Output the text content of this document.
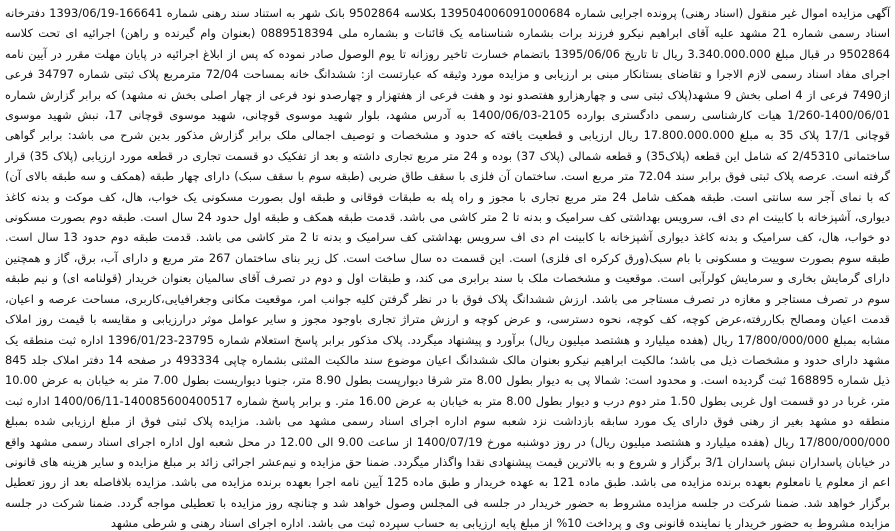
آگهی مزایده اموال غیر منقول (اسناد رهنی) پرونده اجرایی شماره 139504006091000684 بکلاسه 9502864 بانک شهر به استناد سند رهنی شماره 166641-1393/06/19 دفترخانه اسناد رسمی شماره 21 مشهد علیه آقای ابراهیم نیکرو فرزند برات بشماره شناسنامه یک قائنات و بشماره ملی 0889518394 (بعنوان وام گیرنده و راهن) اجرائیه ای تحت کلاسه 9502864 در قبال مبلغ 3.340.000.000 ریال تا تاریخ 1395/06/06 باتضمام خسارت تاخیر روزانه تا یوم الوصول صادر نموده که پس از ابلاغ اجرائیه در پایان مهلت مقرر در آیین نامه اجرای مفاد اسناد رسمی لازم الاجرا و تقاضای بستانکار مبنی بر ارزیابی و مزایده مورد وثیقه که عبارتست از: ششدانگ خانه بمساحت 72/04 مترمربع پلاک ثبتی شماره 34797 فرعی از7490 فرعی از 4 اصلی بخش 9 مشهد(پلاک ثبتی سی و چهارهزارو هفتصدو نود و هفت فرعی از هفتهزار و چهارصدو نود فرعی از چهار اصلی بخش نه مشهد) که برابر گزارش شماره 1400/06/01-1/260 هیات کارشناسی رسمی دادگستری بوارده 2105-1400/06/03 به آدرس مشهد، بلوار شهید موسوی قوچانی، شهید موسوی قوچانی 17، نبش شهید موسوی قوچانی 17/1 پلاک 35 به مبلغ 17.800.000.000 ریال ارزیابی و قطعیت یافته که حدود و مشخصات و توصیف اجمالی ملک برابر گزارش مذکور بدین شرح می باشد: برابر گواهی ساختمانی 2/45310 که شامل این قطعه (پلاک35) و قطعه شمالی (پلاک 37) بوده و 24 متر مربع تجاری داشته و بعد از تفکیک دو قسمت تجاری در قطعه مورد ارزیابی (پلاک 35) قرار گرفته است. عرصه پلاک ثبتی فوق برابر سند 72.04 متر مربع است. ساختمان آن فلزی با سقف طاق ضربی (طبقه سوم با سقف سبک) دارای چهار طبقه (همکف و سه طبقه بالای آن) که با نمای آجر سه سانتی است. طبقه همکف شامل 24 متر مربع تجاری با مجوز و راه پله به طبقات فوقانی و طبقه اول بصورت مسکونی یک خواب، هال، کف موکت و بدنه کاغذ دیواری، آشپزخانه با کابینت ام دی اف، سرویس بهداشتی کف سرامیک و بدنه تا 2 متر کاشی می باشد. قدمت طبقه همکف و طبقه اول حدود 24 سال است. طبقه دوم بصورت مسکونی دو خواب، هال، کف سرامیک و بدنه کاغذ دیواری آشپزخانه با کابینت ام دی اف سرویس بهداشتی کف سرامیک و بدنه تا 2 متر کاشی می باشد. قدمت طبقه دوم حدود 13 سال است. طبقه سوم بصورت سوییت و مسکونی با بام سبک(ورق کرکره ای فلزی) است. این قسمت ده سال ساخت است. کل زیر بنای ساختمان 267 متر مربع و دارای آب، برق، گاز و همچنین دارای گرمایش بخاری و سرمایش کولرآبی است. موقعیت و مشخصات ملک با سند برابری می کند، و طبقات اول و دوم در تصرف آقای سالمیان بعنوان خریدار (قولنامه ای) و نیم طبقه سوم در تصرف مستاجر و مغازه در تصرف مستاجر می باشد. ارزش ششدانگ پلاک فوق با در نظر گرفتن کلیه جوانب امر، موقعیت مکانی وجغرافیایی،کاربری، مساحت عرصه و اعیان، قدمت اعیان ومصالح بکاررفته،عرض کوچه، کف کوچه، نحوه دسترسی، و عرض کوچه و ارزش متراژ تجاری باوجود مجوز و سایر عوامل موثر درارزیابی و مقایسه با قیمت روز املاک مشابه بمبلغ 17/800/000/000 ریال (هفده میلیارد و هشتصد میلیون ریال) برآورد و پیشنهاد میگردد. پلاک مذکور برابر پاسخ استعلام شماره 23795-1396/01/23 اداره ثبت منطقه یک مشهد دارای حدود و مشخصات ذیل می باشد؛ مالکیت ابراهیم نیکرو بعنوان مالک ششدانگ اعیان موضوع سند مالکیت المثنی بشماره چاپی 493334 در صفحه 14 دفتر املاک جلد 845 ذیل شماره 168895 ثبت گردیده است. و محدود است: شمالا پی به دیوار بطول 8.00 متر شرقا دیوارپست بطول 8.90 متر، جنوبا دیواریست بطول 7.00 متر به خیابان به عرض 10.00 متر، غربا در دو قسمت اول غربی بطول 1.50 متر دوم درب و دیوار بطول 8.00 متر به خیابان به عرض 16.00 متر. و برابر پاسخ شماره 140085600400517-1400/06/11 اداره ثبت منطقه دو مشهد بغیر از رهنی فوق دارای یک مورد سابقه بازداشت نزد شعبه سوم اداره اجرای اسناد رسمی مشهد می باشد. مزایده پلاک ثبتی فوق از مبلغ ارزیابی شده بمبلغ 17/800/000/000 ریال (هفده میلیارد و هشتصد میلیون ریال) در روز دوشنبه مورخ 1400/07/19 از ساعت 9.00 الی 12.00 در محل شعبه اول اداره اجرای اسناد رسمی مشهد واقع در خیابان پاسداران نبش پاسداران 3/1 برگزار و شروع و به بالاترین قیمت پیشنهادی نقدا واگذار میگردد. ضمنا حق مزایده و نیم‌عشر اجرائی زائد بر مبلغ مزایده و سایر هزینه های قانونی اعم از معلوم یا نامعلوم بعهده برنده مزایده می باشد. طبق ماده 121 به عهده خریدار و طبق ماده 125 آیین نامه اجرا بعهده برنده مزایده می باشد. مزایده بلافاصله بعد از روز تعطیل برگزار خواهد شد. ضمنا شرکت در جلسه مزایده مشروط به حضور خریدار در جلسه فی المجلس وصول خواهد شد و چنانچه روز مزایده با تعطیلی مواجه گردد. ضمنا شرکت در جلسه مزایده مشروط به حضور خریدار یا نماینده قانونی وی و پرداخت 10% از مبلغ پایه ارزیابی به حساب سپرده ثبت می باشد. اداره اجرای اسناد رهنی و شرطی مشهد
